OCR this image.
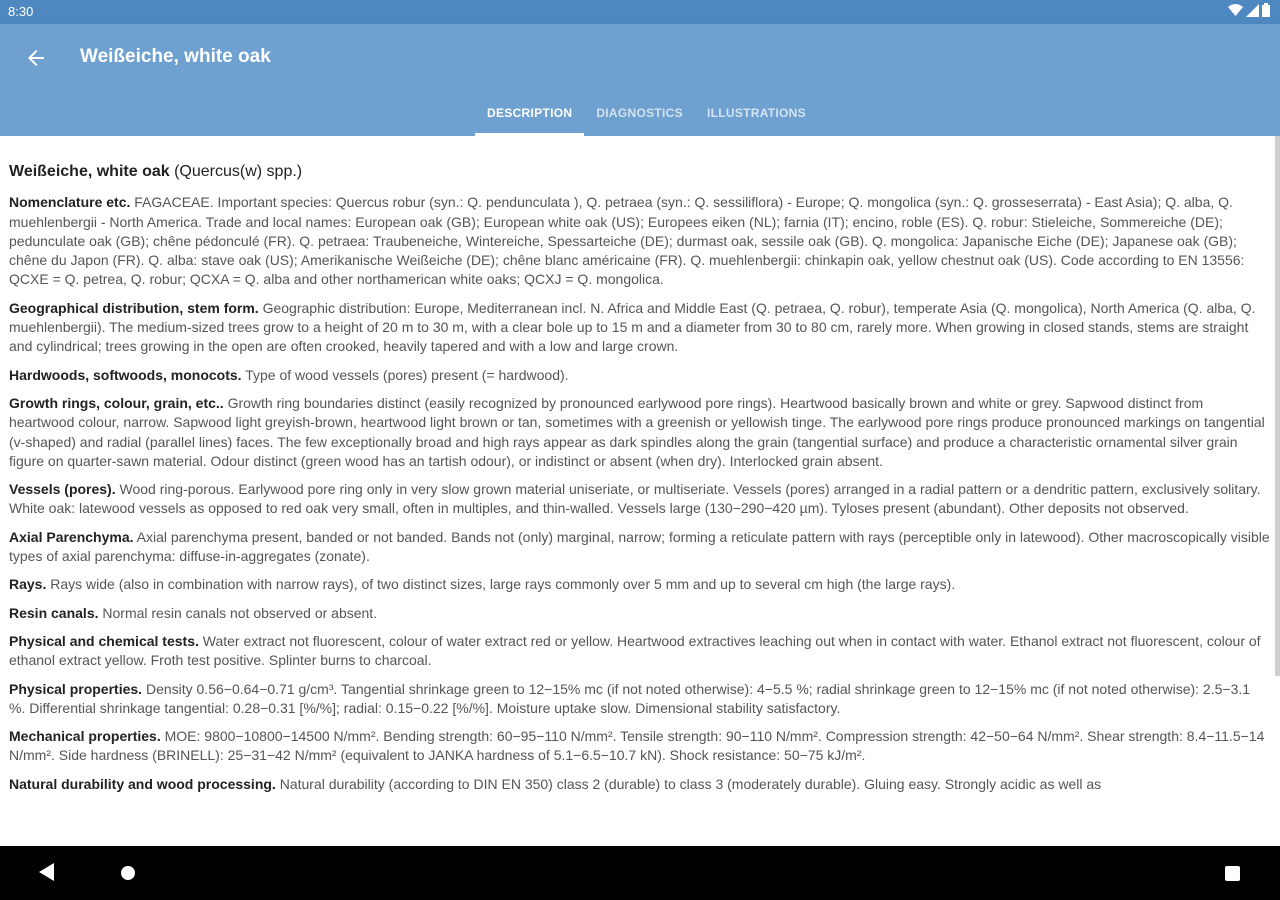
8:30
Weißeiche, white oak
DESCRIPTION	DIAGNOSTICS	ILLUSTRATIONS
Weißeiche, white oak (Quercus(w) spp.)
Nomenclature etc. FAGACEAE. Important species: Quercus robur (syn.: Q. pendunculata ), Q. petraea (syn.: Q. sessiliflora) - Europe; Q. mongolica (syn.: Q. grosseserrata) - East Asia); Q. alba, Q. muehlenbergii - North America. Trade and local names: European oak (GB); European white oak (US); Europees eiken (NL); farnia (IT); encino, roble (ES). Q. robur: Stieleiche, Sommereiche (DE); pedunculate oak (GB); chêne pédonculé (FR). Q. petraea: Traubeneiche, Wintereiche, Spessarteiche (DE); durmast oak, sessile oak (GB). Q. mongolica: Japanische Eiche (DE); Japanese oak (GB); chêne du Japon (FR). Q. alba: stave oak (US); Amerikanische Weißeiche (DE); chêne blanc américaine (FR). Q. muehlenbergii: chinkapin oak, yellow chestnut oak (US). Code according to EN 13556: QCXE = Q. petrea, Q. robur; QCXA = Q. alba and other northamerican white oaks; QCXJ = Q. mongolica.
Geographical distribution, stem form. Geographic distribution: Europe, Mediterranean incl. N. Africa and Middle East (Q. petraea, Q. robur), temperate Asia (Q. mongolica), North America (Q. alba, Q. muehlenbergii). The medium-sized trees grow to a height of 20 m to 30 m, with a clear bole up to 15 m and a diameter from 30 to 80 cm, rarely more. When growing in closed stands, stems are straight and cylindrical; trees growing in the open are often crooked, heavily tapered and with a low and large crown.
Hardwoods, softwoods, monocots. Type of wood vessels (pores) present (= hardwood).
Growth rings, colour, grain, etc.. Growth ring boundaries distinct (easily recognized by pronounced earlywood pore rings). Heartwood basically brown and white or grey. Sapwood distinct from heartwood colour, narrow. Sapwood light greyish-brown, heartwood light brown or tan, sometimes with a greenish or yellowish tinge. The earlywood pore rings produce pronounced markings on tangential (v-shaped) and radial (parallel lines) faces. The few exceptionally broad and high rays appear as dark spindles along the grain (tangential surface) and produce a characteristic ornamental silver grain figure on quarter-sawn material. Odour distinct (green wood has an tartish odour), or indistinct or absent (when dry). Interlocked grain absent.
Vessels (pores). Wood ring-porous. Earlywood pore ring only in very slow grown material uniseriate, or multiseriate. Vessels (pores) arranged in a radial pattern or a dendritic pattern, exclusively solitary. White oak: latewood vessels as opposed to red oak very small, often in multiples, and thin-walled. Vessels large (130−290−420 µm). Tyloses present (abundant). Other deposits not observed.
Axial Parenchyma. Axial parenchyma present, banded or not banded. Bands not (only) marginal, narrow; forming a reticulate pattern with rays (perceptible only in latewood). Other macroscopically visible types of axial parenchyma: diffuse-in-aggregates (zonate).
Rays. Rays wide (also in combination with narrow rays), of two distinct sizes, large rays commonly over 5 mm and up to several cm high (the large rays).
Resin canals. Normal resin canals not observed or absent.
Physical and chemical tests. Water extract not fluorescent, colour of water extract red or yellow. Heartwood extractives leaching out when in contact with water. Ethanol extract not fluorescent, colour of ethanol extract yellow. Froth test positive. Splinter burns to charcoal.
Physical properties. Density 0.56−0.64−0.71 g/cm³. Tangential shrinkage green to 12−15% mc (if not noted otherwise): 4−5.5 %; radial shrinkage green to 12−15% mc (if not noted otherwise): 2.5−3.1 %. Differential shrinkage tangential: 0.28−0.31 [%/%]; radial: 0.15−0.22 [%/%]. Moisture uptake slow. Dimensional stability satisfactory.
Mechanical properties. MOE: 9800−10800−14500 N/mm². Bending strength: 60−95−110 N/mm². Tensile strength: 90−110 N/mm². Compression strength: 42−50−64 N/mm². Shear strength: 8.4−11.5−14 N/mm². Side hardness (BRINELL): 25−31−42 N/mm² (equivalent to JANKA hardness of 5.1−6.5−10.7 kN). Shock resistance: 50−75 kJ/m².
Natural durability and wood processing. Natural durability (according to DIN EN 350) class 2 (durable) to class 3 (moderately durable). Gluing easy. Strongly acidic as well as
